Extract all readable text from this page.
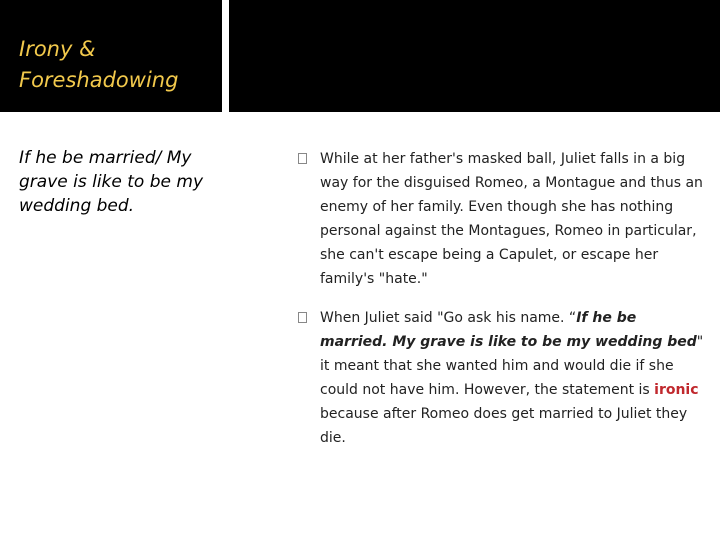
Irony & Foreshadowing

If he be married/ My grave is like to be my wedding bed.

While at her father's masked ball, Juliet falls in a big way for the disguised Romeo, a Montague and thus an enemy of her family. Even though she has nothing personal against the Montagues, Romeo in particular, she can't escape being a Capulet, or escape her family's "hate."
When Juliet said "Go ask his name. “If he be married. My grave is like to be my wedding bed" it meant that she wanted him and would die if she could not have him. However, the statement is ironic because after Romeo does get married to Juliet they die.
